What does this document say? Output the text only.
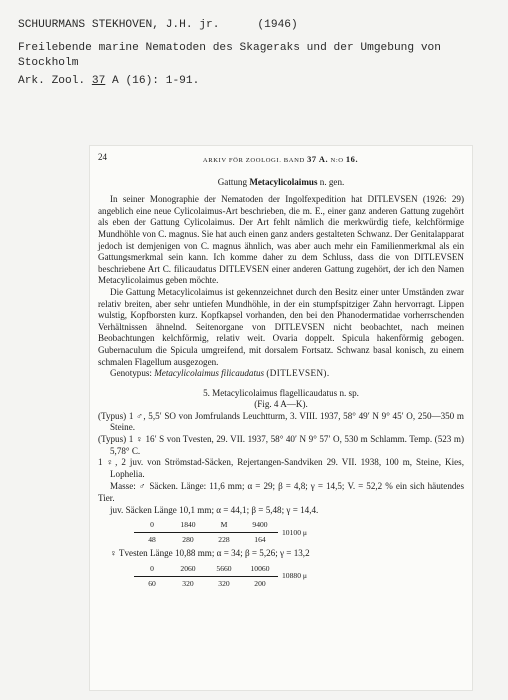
SCHUURMANS STEKHOVEN, J.H. jr.	(1946)
Freilebende marine Nematoden des Skageraks und der Umgebung von Stockholm
Ark. Zool. 37 A (16): 1-91.
24	ARKIV FÖR ZOOLOGI. BAND 37 A. N:O 16.
Gattung Metacylicolaimus n. gen.

In seiner Monographie der Nematoden der Ingolfexpedition hat DITLEVSEN (1926: 29) angeblich eine neue Cylicolaimus-Art beschrieben, die m. E., einer ganz anderen Gattung zugehört als eben der Gattung Cylicolaimus. Der Art fehlt nämlich die merkwürdig tiefe, kelchförmige Mundhöhle von C. magnus. Sie hat auch einen ganz anders gestalteten Schwanz. Der Genitalapparat jedoch ist demjenigen von C. magnus ähnlich, was aber auch mehr ein Familienmerkmal als ein Gattungsmerkmal sein kann. Ich komme daher zu dem Schluss, dass die von DITLEVSEN beschriebene Art C. filicaudatus DITLEVSEN einer anderen Gattung zugehört, der ich den Namen Metacylicolaimus geben möchte.

Die Gattung Metacylicolaimus ist gekennzeichnet durch den Besitz einer unter Umständen zwar relativ breiten, aber sehr untiefen Mundhöhle, in der ein stumpfspitziger Zahn hervorragt. Lippen wulstig, Kopfborsten kurz. Kopfkapsel vorhanden, den bei den Phanodermatidae vorherrschenden Verhältnissen ähnelnd. Seitenorgane von DITLEVSEN nicht beobachtet, nach meinen Beobachtungen kelchförmig, relativ weit. Ovaria doppelt. Spicula hakenförmig gebogen. Gubernaculum die Spicula umgreifend, mit dorsalem Fortsatz. Schwanz basal konisch, zu einem schmalen Flagellum ausgezogen.

Genotypus: Metacylicolaimus filicaudatus (DITLEVSEN).

5. Metacylicolaimus flagellicaudatus n. sp.
(Fig. 4 A—K).
(Typus) 1 ♂, 5,5′ SO von Jomfrulands Leuchtturm, 3. VIII. 1937, 58° 49′ N 9° 45′ O, 250—350 m Steine.
(Typus) 1 ♀ 16′ S von Tvesten, 29. VII. 1937, 58° 40′ N 9° 57′ O, 530 m Schlamm. Temp. (523 m) 5,78° C.
1 ♀, 2 juv. von Strömstad-Säcken, Rejertangen-Sandviken 29. VII. 1938, 100 m, Steine, Kies, Lophelia.

Masse: ♂ Säcken. Länge: 11,6 mm; α = 29; β = 4,8; γ = 14,5; V. = 52,2 % ein sich häutendes Tier.

juv. Säcken Länge 10,1 mm; α = 44,1; β = 5,48; γ = 14,4.

0	1840	M	9400
48	280	228	164
10100 μ

♀ Tvesten Länge 10,88 mm; α = 34; β = 5,26; γ = 13,2

0	2060	5660	10060
60	320	320	200
10880 μ
